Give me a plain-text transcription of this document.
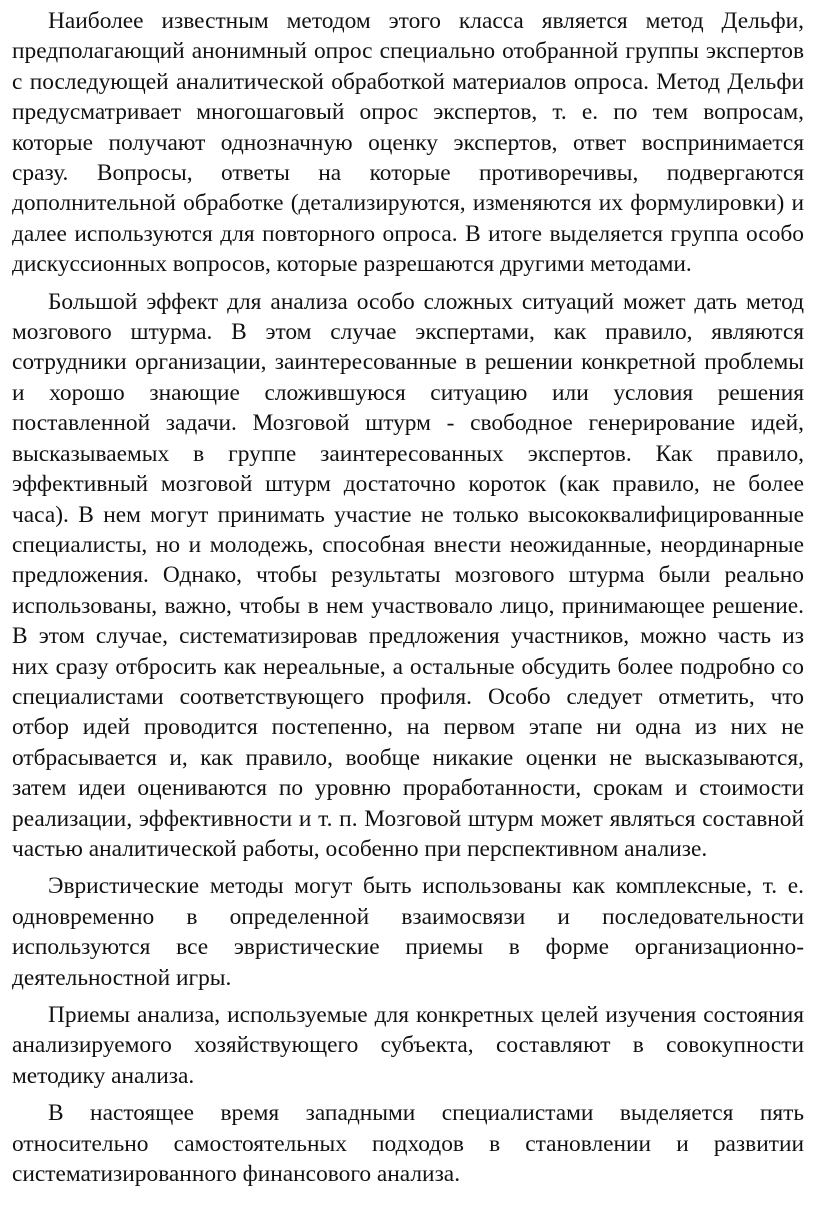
Наиболее известным методом этого класса является метод Дельфи, предполагающий анонимный опрос специально отобранной группы экспертов с последующей аналитической обработкой материалов опроса. Метод Дельфи предусматривает многошаговый опрос экспертов, т. е. по тем вопросам, которые получают однозначную оценку экспертов, ответ воспринимается сразу. Вопросы, ответы на которые противоречивы, подвергаются дополнительной обработке (детализируются, изменяются их формулировки) и далее используются для повторного опроса. В итоге выделяется группа особо дискуссионных вопросов, которые разрешаются другими методами.

Большой эффект для анализа особо сложных ситуаций может дать метод мозгового штурма. В этом случае экспертами, как правило, являются сотрудники организации, заинтересованные в решении конкретной проблемы и хорошо знающие сложившуюся ситуацию или условия решения поставленной задачи. Мозговой штурм - свободное генерирование идей, высказываемых в группе заинтересованных экспертов. Как правило, эффективный мозговой штурм достаточно короток (как правило, не более часа). В нем могут принимать участие не только высококвалифицированные специалисты, но и молодежь, способная внести неожиданные, неординарные предложения. Однако, чтобы результаты мозгового штурма были реально использованы, важно, чтобы в нем участвовало лицо, принимающее решение. В этом случае, систематизировав предложения участников, можно часть из них сразу отбросить как нереальные, а остальные обсудить более подробно со специалистами соответствующего профиля. Особо следует отметить, что отбор идей проводится постепенно, на первом этапе ни одна из них не отбрасывается и, как правило, вообще никакие оценки не высказываются, затем идеи оцениваются по уровню проработанности, срокам и стоимости реализации, эффективности и т. п. Мозговой штурм может являться составной частью аналитической работы, особенно при перспективном анализе.

Эвристические методы могут быть использованы как комплексные, т. е. одновременно в определенной взаимосвязи и последовательности используются все эвристические приемы в форме организационно-деятельностной игры.

Приемы анализа, используемые для конкретных целей изучения состояния анализируемого хозяйствующего субъекта, составляют в совокупности методику анализа.

В настоящее время западными специалистами выделяется пять относительно самостоятельных подходов в становлении и развитии систематизированного финансового анализа.
